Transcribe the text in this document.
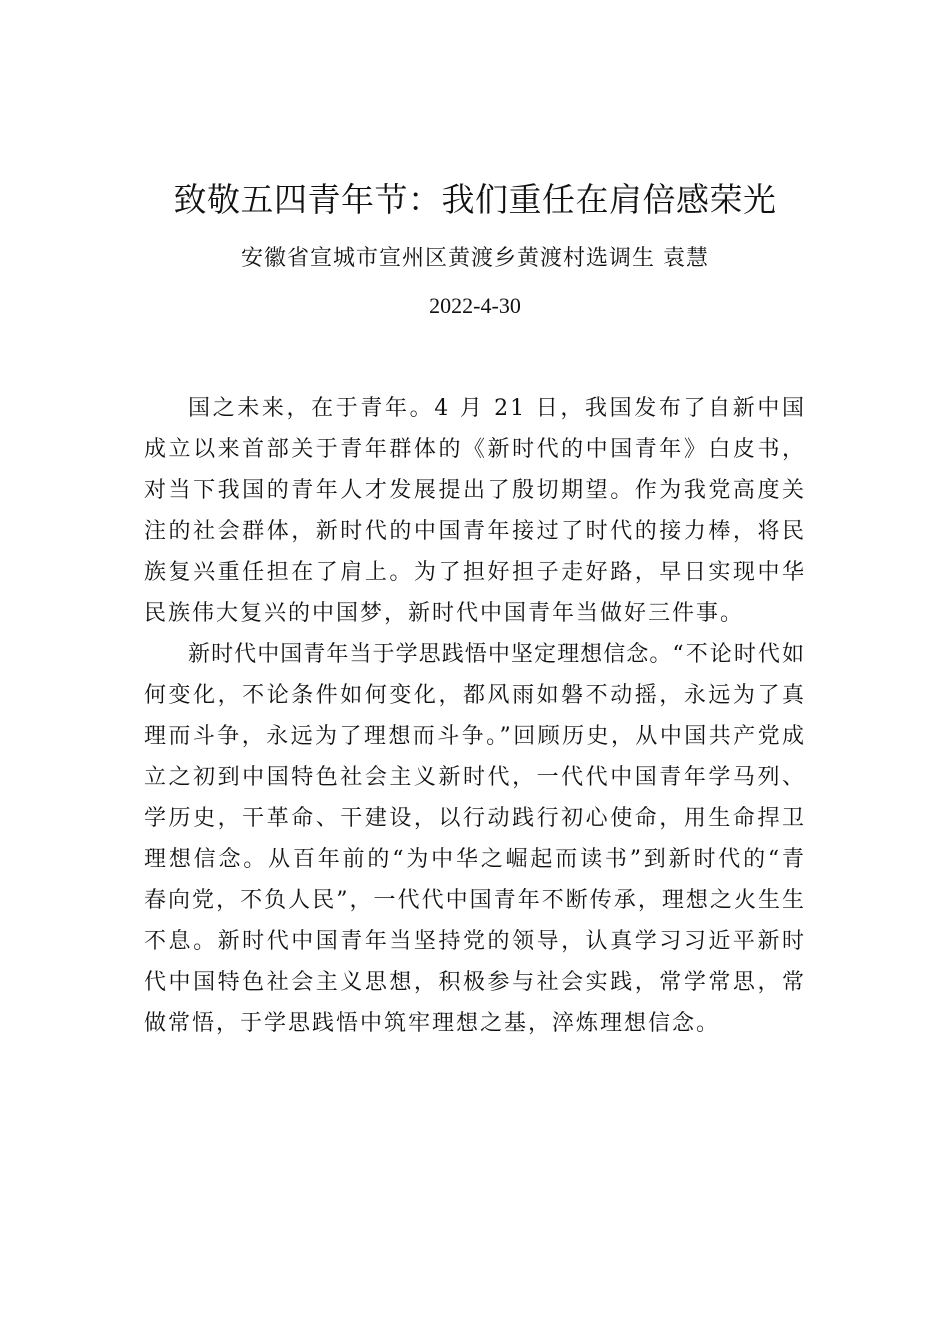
致敬五四青年节：我们重任在肩倍感荣光
安徽省宣城市宣州区黄渡乡黄渡村选调生 袁慧
2022-4-30

国之未来，在于青年。4 月 21 日，我国发布了自新中国成立以来首部关于青年群体的《新时代的中国青年》白皮书，对当下我国的青年人才发展提出了殷切期望。作为我党高度关注的社会群体，新时代的中国青年接过了时代的接力棒，将民族复兴重任担在了肩上。为了担好担子走好路，早日实现中华民族伟大复兴的中国梦，新时代中国青年当做好三件事。

新时代中国青年当于学思践悟中坚定理想信念。“不论时代如何变化，不论条件如何变化，都风雨如磐不动摇，永远为了真理而斗争，永远为了理想而斗争。”回顾历史，从中国共产党成立之初到中国特色社会主义新时代，一代代中国青年学马列、学历史，干革命、干建设，以行动践行初心使命，用生命捍卫理想信念。从百年前的“为中华之崛起而读书”到新时代的“青春向党，不负人民”，一代代中国青年不断传承，理想之火生生不息。新时代中国青年当坚持党的领导，认真学习习近平新时代中国特色社会主义思想，积极参与社会实践，常学常思，常做常悟，于学思践悟中筑牢理想之基，淬炼理想信念。
